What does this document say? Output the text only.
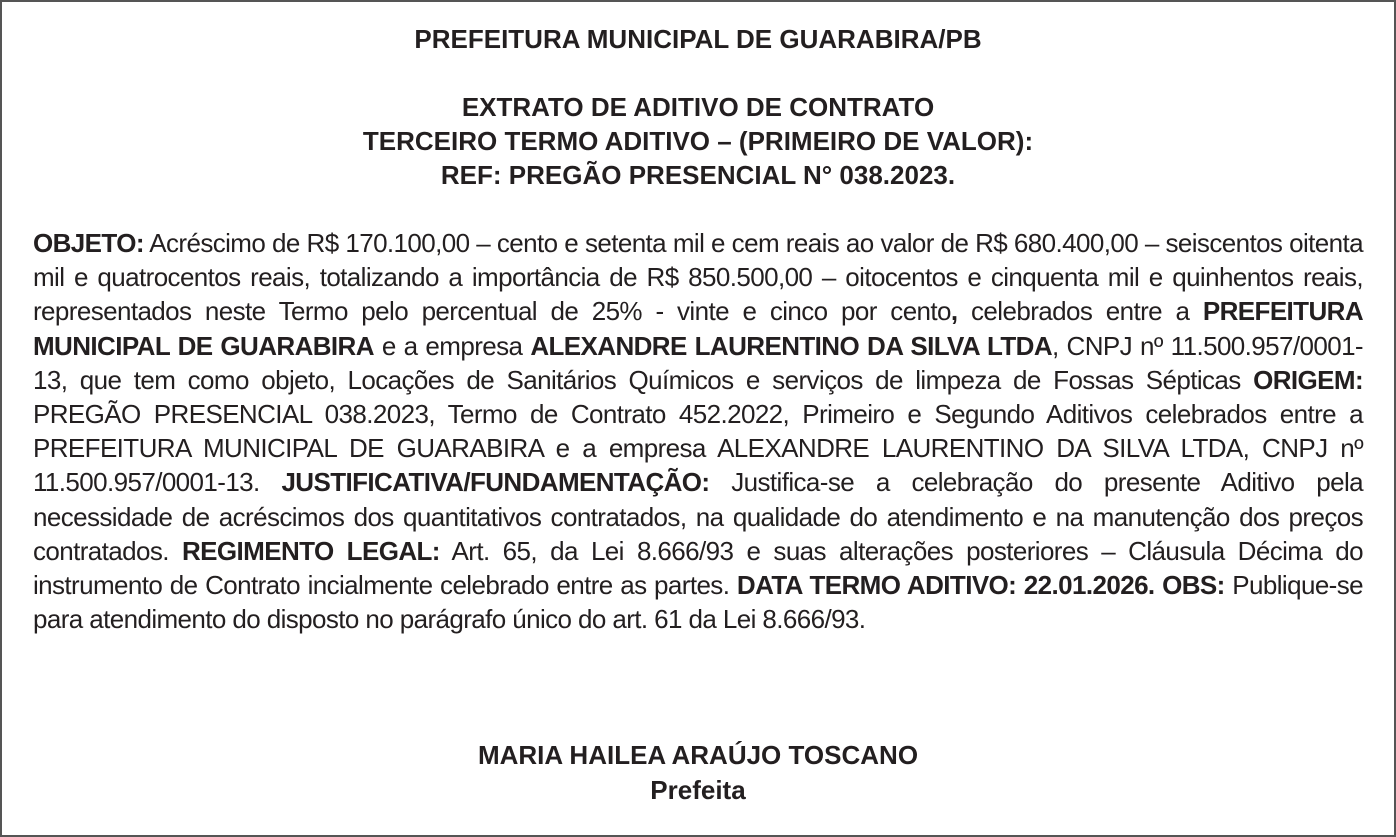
PREFEITURA MUNICIPAL DE GUARABIRA/PB
EXTRATO DE ADITIVO DE CONTRATO
TERCEIRO TERMO ADITIVO – (PRIMEIRO DE VALOR):
REF: PREGÃO PRESENCIAL N° 038.2023.

OBJETO: Acréscimo de R$ 170.100,00 – cento e setenta mil e cem reais ao valor de R$ 680.400,00 – seiscentos oitenta mil e quatrocentos reais, totalizando a importância de R$ 850.500,00 – oitocentos e cinquenta mil e quinhentos reais, representados neste Termo pelo percentual de 25% - vinte e cinco por cento, celebrados entre a PREFEITURA MUNICIPAL DE GUARABIRA e a empresa ALEXANDRE LAURENTINO DA SILVA LTDA, CNPJ nº 11.500.957/0001-13, que tem como objeto, Locações de Sanitários Químicos e serviços de limpeza de Fossas Sépticas ORIGEM: PREGÃO PRESENCIAL 038.2023, Termo de Contrato 452.2022, Primeiro e Segundo Aditivos celebrados entre a PREFEITURA MUNICIPAL DE GUARABIRA e a empresa ALEXANDRE LAURENTINO DA SILVA LTDA, CNPJ nº 11.500.957/0001-13. JUSTIFICATIVA/FUNDAMENTAÇÃO: Justifica-se a celebração do presente Aditivo pela necessidade de acréscimos dos quantitativos contratados, na qualidade do atendimento e na manutenção dos preços contratados. REGIMENTO LEGAL: Art. 65, da Lei 8.666/93 e suas alterações posteriores – Cláusula Décima do instrumento de Contrato incialmente celebrado entre as partes. DATA TERMO ADITIVO: 22.01.2026. OBS: Publique-se para atendimento do disposto no parágrafo único do art. 61 da Lei 8.666/93.

MARIA HAILEA ARAÚJO TOSCANO
Prefeita
